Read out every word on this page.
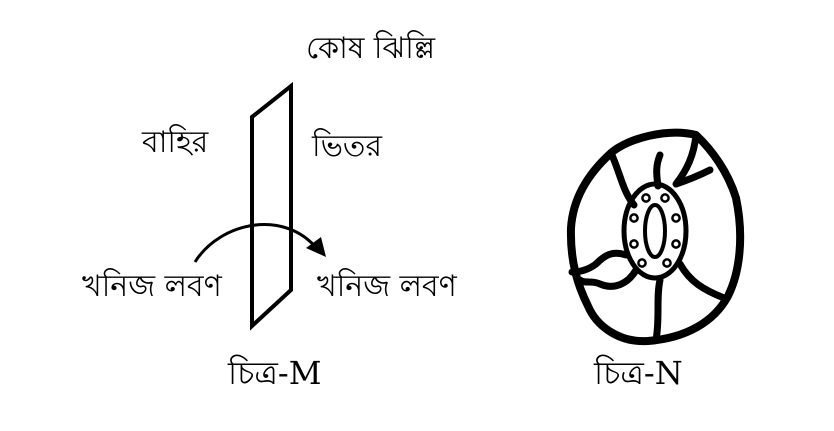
কোষ ঝিল্লি
বাহির	ভিতর
খনিজ লবণ	খনিজ লবণ
চিত্র-M	চিত্র-N
